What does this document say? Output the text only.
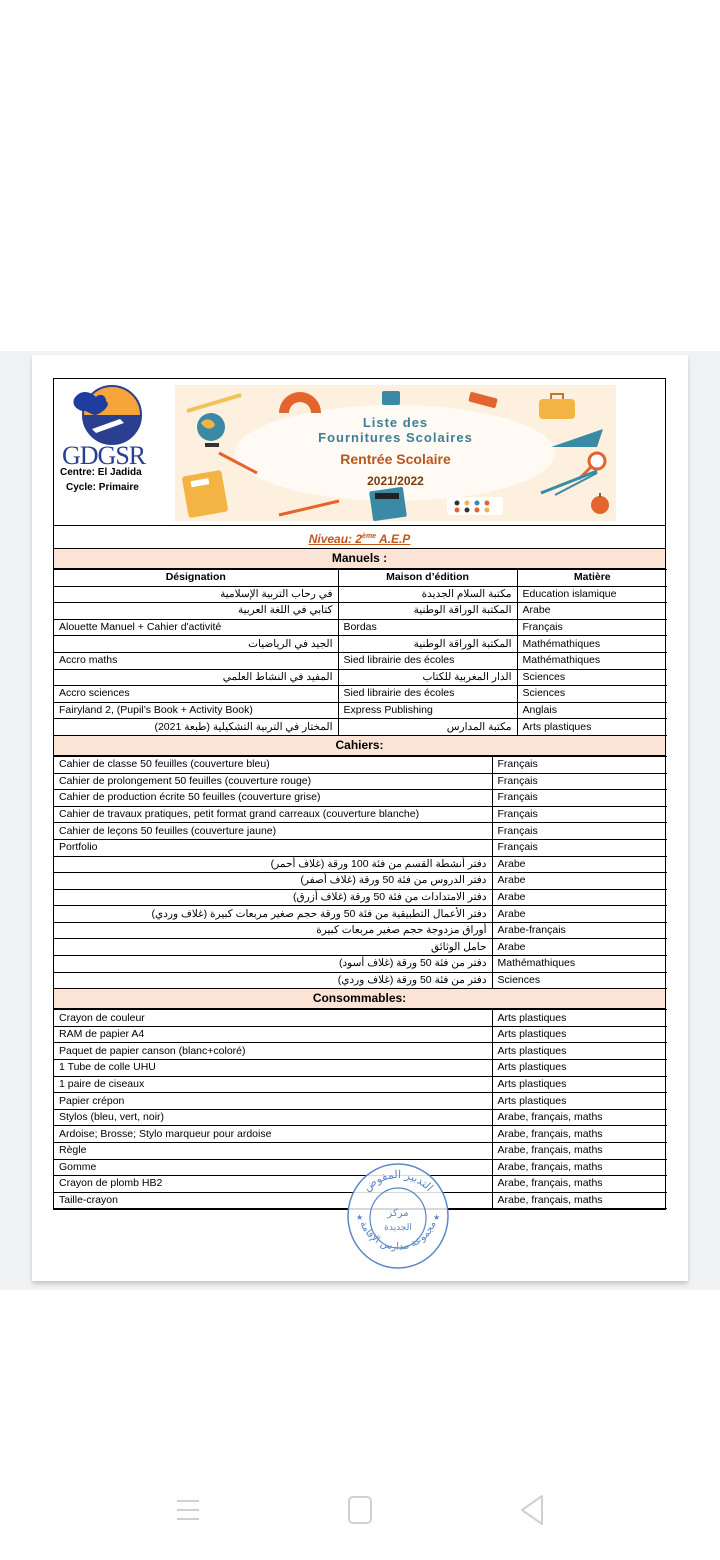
GDGSR
Centre: El Jadida
Cycle: Primaire
Liste des
Fournitures Scolaires
Rentrée Scolaire
2021/2022
Niveau: 2ème A.E.P
Manuels :
Désignation	Maison d’édition	Matière
في رحاب التربية الإسلامية	مكتبة السلام الجديدة	Education islamique
كتابي في اللغة العربية	المكتبة الوراقة الوطنية	Arabe
Alouette Manuel + Cahier d'activité	Bordas	Français
الجيد في الرياضيات	المكتبة الوراقة الوطنية	Mathémathiques
Accro maths	Sied librairie des écoles	Mathémathiques
المفيد في النشاط العلمي	الدار المغربية للكتاب	Sciences
Accro sciences	Sied librairie des écoles	Sciences
Fairyland 2, (Pupil’s Book + Activity Book)	Express Publishing	Anglais
المختار في التربية التشكيلية (طبعة 2021)	مكتبة المدارس	Arts plastiques
Cahiers:
Cahier de classe 50 feuilles (couverture bleu)	Français
Cahier de prolongement 50 feuilles (couverture rouge)	Français
Cahier de production écrite 50 feuilles (couverture grise)	Français
Cahier de travaux pratiques, petit format grand carreaux (couverture blanche)	Français
Cahier de leçons 50 feuilles (couverture jaune)	Français
Portfolio	Français
دفتر أنشطة القسم من فئة 100 ورقة (غلاف أحمر)	Arabe
دفتر الدروس من فئة 50 ورقة (غلاف أصفر)	Arabe
دفتر الامتدادات من فئة 50 ورقة (غلاف أزرق)	Arabe
دفتر الأعمال التطبيقية من فئة 50 ورقة حجم صغير مربعات كبيرة (غلاف وردي)	Arabe
أوراق مزدوجة حجم صغير مربعات كبيرة	Arabe-français
حامل الوثائق	Arabe
دفتر من فئة 50 ورقة (غلاف أسود)	Mathémathiques
دفتر من فئة 50 ورقة (غلاف وردي)	Sciences
Consommables:
Crayon de couleur	Arts plastiques
RAM de papier A4	Arts plastiques
Paquet de papier canson (blanc+coloré)	Arts plastiques
1 Tube de colle UHU	Arts plastiques
1 paire de ciseaux	Arts plastiques
Papier crépon	Arts plastiques
Stylos (bleu, vert, noir)	Arabe, français, maths
Ardoise; Brosse; Stylo marqueur pour ardoise	Arabe, français, maths
Règle	Arabe, français, maths
Gomme	Arabe, français, maths
Crayon de plomb HB2	Arabe, français, maths
Taille-crayon	Arabe, français, maths
التدبير المفوض
مجموعة مدارس الإقامة
مركز
الجديدة
★	★
